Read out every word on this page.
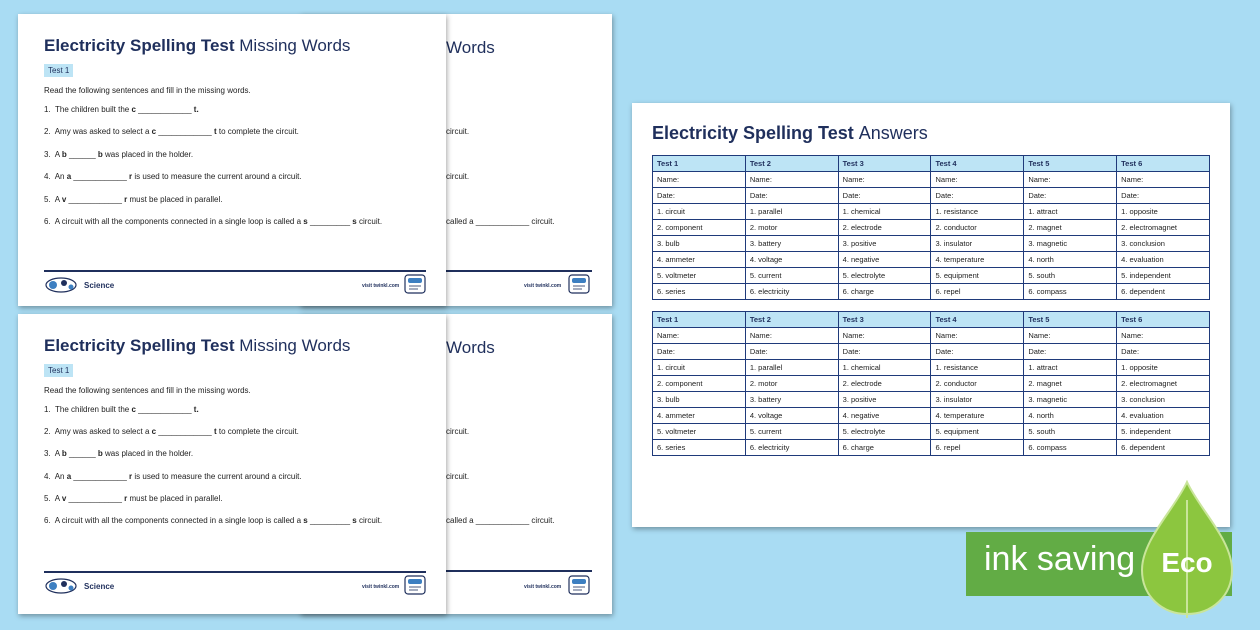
Words
circuit.
circuit.
called a ____________ circuit.
visit twinkl.com
Words
circuit.
circuit.
called a ____________ circuit.
visit twinkl.com
Electricity Spelling Test Missing Words
Test 1
Read the following sentences and fill in the missing words.
1. The children built the c ____________ t.
2. Amy was asked to select a c ____________ t to complete the circuit.
3. A b ______ b was placed in the holder.
4. An a ____________ r is used to measure the current around a circuit.
5. A v ____________ r must be placed in parallel.
6. A circuit with all the components connected in a single loop is called a s _________ s circuit.
Science	visit twinkl.com
Electricity Spelling Test Missing Words
Test 1
Read the following sentences and fill in the missing words.
1. The children built the c ____________ t.
2. Amy was asked to select a c ____________ t to complete the circuit.
3. A b ______ b was placed in the holder.
4. An a ____________ r is used to measure the current around a circuit.
5. A v ____________ r must be placed in parallel.
6. A circuit with all the components connected in a single loop is called a s _________ s circuit.
Science	visit twinkl.com
Electricity Spelling Test Answers
Test 1	Test 2	Test 3	Test 4	Test 5	Test 6
Name:	Name:	Name:	Name:	Name:	Name:
Date:	Date:	Date:	Date:	Date:	Date:
1. circuit	1. parallel	1. chemical	1. resistance	1. attract	1. opposite
2. component	2. motor	2. electrode	2. conductor	2. magnet	2. electromagnet
3. bulb	3. battery	3. positive	3. insulator	3. magnetic	3. conclusion
4. ammeter	4. voltage	4. negative	4. temperature	4. north	4. evaluation
5. voltmeter	5. current	5. electrolyte	5. equipment	5. south	5. independent
6. series	6. electricity	6. charge	6. repel	6. compass	6. dependent
Test 1	Test 2	Test 3	Test 4	Test 5	Test 6
Name:	Name:	Name:	Name:	Name:	Name:
Date:	Date:	Date:	Date:	Date:	Date:
1. circuit	1. parallel	1. chemical	1. resistance	1. attract	1. opposite
2. component	2. motor	2. electrode	2. conductor	2. magnet	2. electromagnet
3. bulb	3. battery	3. positive	3. insulator	3. magnetic	3. conclusion
4. ammeter	4. voltage	4. negative	4. temperature	4. north	4. evaluation
5. voltmeter	5. current	5. electrolyte	5. equipment	5. south	5. independent
6. series	6. electricity	6. charge	6. repel	6. compass	6. dependent
ink saving Eco
